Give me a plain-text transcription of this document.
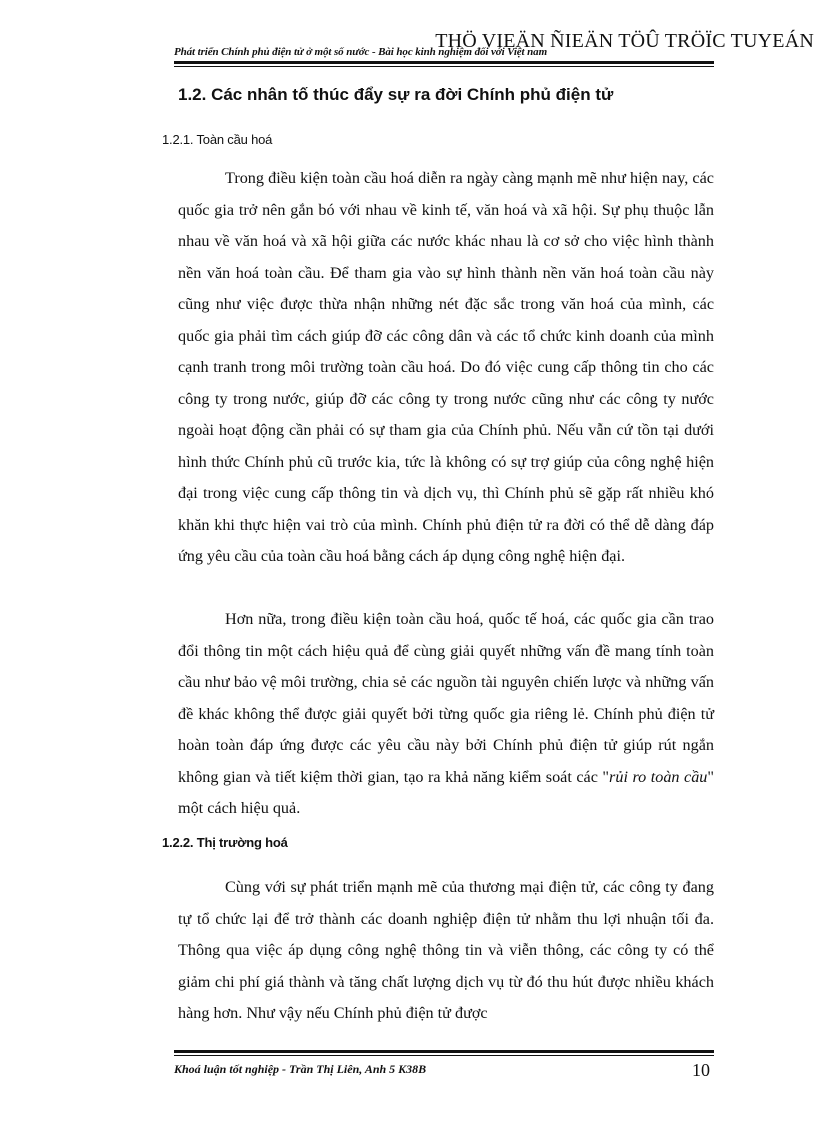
Phát triển Chính phủ điện tử ở một số nước - Bài học kinh nghiệm đối với Việt nam
THÖ VIEÄN ÑIEÄN TÖÛ TRÖÏC TUYEÁN
1.2. Các nhân tố thúc đẩy sự ra đời Chính phủ điện tử
1.2.1. Toàn cầu hoá

Trong điều kiện toàn cầu hoá diễn ra ngày càng mạnh mẽ như hiện nay, các quốc gia trở nên gắn bó với nhau về kinh tế, văn hoá và xã hội. Sự phụ thuộc lẫn nhau về văn hoá và xã hội giữa các nước khác nhau là cơ sở cho việc hình thành nền văn hoá toàn cầu. Để tham gia vào sự hình thành nền văn hoá toàn cầu này cũng như việc được thừa nhận những nét đặc sắc trong văn hoá của mình, các quốc gia phải tìm cách giúp đỡ các công dân và các tổ chức kinh doanh của mình cạnh tranh trong môi trường toàn cầu hoá. Do đó việc cung cấp thông tin cho các công ty trong nước, giúp đỡ các công ty trong nước cũng như các công ty nước ngoài hoạt động cần phải có sự tham gia của Chính phủ. Nếu vẫn cứ tồn tại dưới hình thức Chính phủ cũ trước kia, tức là không có sự trợ giúp của công nghệ hiện đại trong việc cung cấp thông tin và dịch vụ, thì Chính phủ sẽ gặp rất nhiều khó khăn khi thực hiện vai trò của mình. Chính phủ điện tử ra đời có thể dễ dàng đáp ứng yêu cầu của toàn cầu hoá bằng cách áp dụng công nghệ hiện đại.

Hơn nữa, trong điều kiện toàn cầu hoá, quốc tế hoá, các quốc gia cần trao đổi thông tin một cách hiệu quả để cùng giải quyết những vấn đề mang tính toàn cầu như bảo vệ môi trường, chia sẻ các nguồn tài nguyên chiến lược và những vấn đề khác không thể được giải quyết bởi từng quốc gia riêng lẻ. Chính phủ điện tử hoàn toàn đáp ứng được các yêu cầu này bởi Chính phủ điện tử giúp rút ngắn không gian và tiết kiệm thời gian, tạo ra khả năng kiểm soát các "rủi ro toàn cầu" một cách hiệu quả.

1.2.2. Thị trường hoá

Cùng với sự phát triển mạnh mẽ của thương mại điện tử, các công ty đang tự tổ chức lại để trở thành các doanh nghiệp điện tử nhằm thu lợi nhuận tối đa. Thông qua việc áp dụng công nghệ thông tin và viễn thông, các công ty có thể giảm chi phí giá thành và tăng chất lượng dịch vụ từ đó thu hút được nhiều khách hàng hơn. Như vậy nếu Chính phủ điện tử được

Khoá luận tốt nghiệp - Trần Thị Liên, Anh 5 K38B	10
